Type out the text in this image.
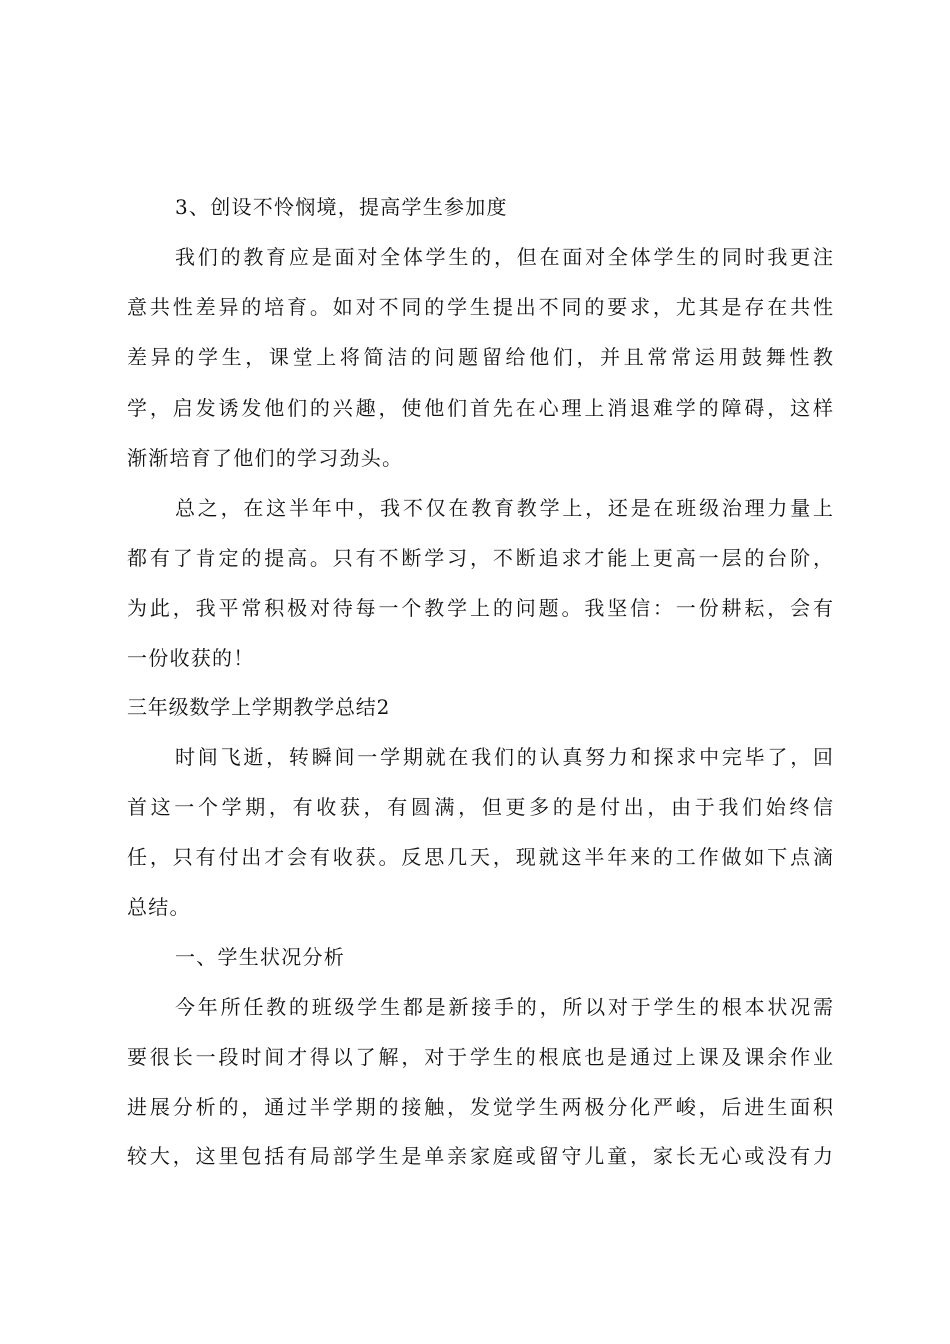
3、创设不怜悯境，提高学生参加度
我们的教育应是面对全体学生的，但在面对全体学生的同时我更注
意共性差异的培育。如对不同的学生提出不同的要求，尤其是存在共性
差异的学生，课堂上将简洁的问题留给他们，并且常常运用鼓舞性教
学，启发诱发他们的兴趣，使他们首先在心理上消退难学的障碍，这样
渐渐培育了他们的学习劲头。
总之，在这半年中，我不仅在教育教学上，还是在班级治理力量上
都有了肯定的提高。只有不断学习，不断追求才能上更高一层的台阶，
为此，我平常积极对待每一个教学上的问题。我坚信：一份耕耘，会有
一份收获的！
三年级数学上学期教学总结2
时间飞逝，转瞬间一学期就在我们的认真努力和探求中完毕了，回
首这一个学期，有收获，有圆满，但更多的是付出，由于我们始终信
任，只有付出才会有收获。反思几天，现就这半年来的工作做如下点滴
总结。
一、学生状况分析
今年所任教的班级学生都是新接手的，所以对于学生的根本状况需
要很长一段时间才得以了解，对于学生的根底也是通过上课及课余作业
进展分析的，通过半学期的接触，发觉学生两极分化严峻，后进生面积
较大，这里包括有局部学生是单亲家庭或留守儿童，家长无心或没有力
